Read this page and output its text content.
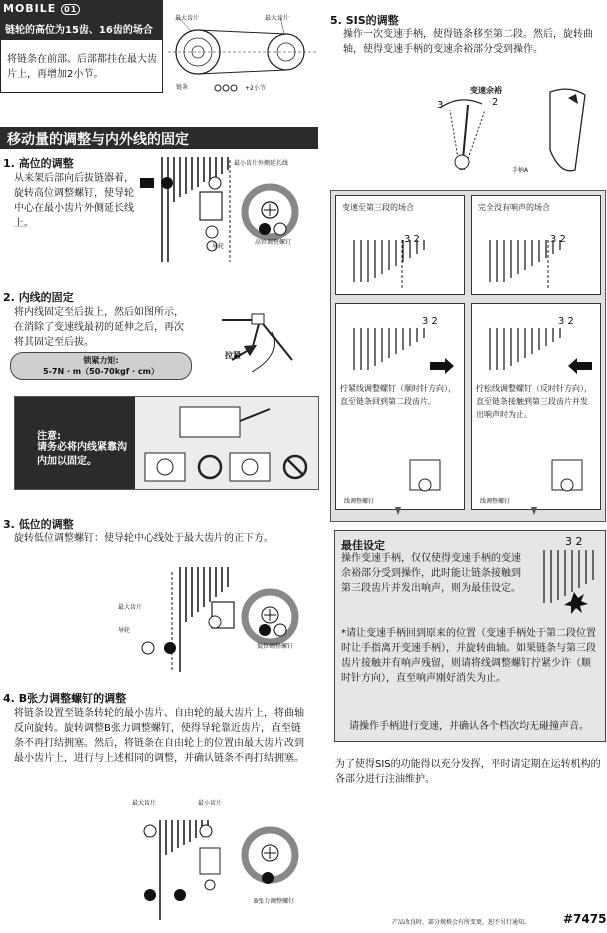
MOBILE 01
链轮的高位为15齿、16齿的场合
将链条在前部、后部都挂在最大齿片上，再增加2小节。
最大齿片	最大齿片
链条	+2小节
移动量的调整与内外线的固定
1. 高位的调整
从来架后部向后拔链器着，旋转高位调整螺钉，使导轮中心在最小齿片外侧延长线上。
最小齿片外侧延长线
导轮
高位调整螺钉
2. 内线的固定
将内线固定至后拔上，然后如图所示，在消除了变速线最初的延伸之后，再次将其固定至后拔。
锁紧力矩:
5-7N · m（50-70kgf · cm）
拉紧
注意:
请务必将内线紧靠沟内加以固定。
3. 低位的调整
旋转低位调整螺钉：使导轮中心线处于最大齿片的正下方。
最大齿片
导轮
低位调整螺钉
4. B张力调整螺钉的调整
将链条设置至链条转轮的最小齿片、自由轮的最大齿片上，将曲轴反向旋转。旋转调整B张力调整螺钉，使得导轮靠近齿片，直至链条不再打结拥塞。然后，将链条在自由轮上的位置由最大齿片改到最小齿片上，进行与上述相同的调整，并确认链条不再打结拥塞。
最大齿片	最小齿片
B张力调整螺钉
5. SIS的调整
操作一次变速手柄，使得链条移至第二段。然后，旋转曲轴，使得变速手柄的变速余裕部分受到操作。
变速余裕
3	2
手柄A
变速至第三段的场合
3 2
完全没有响声的场合
3 2
3 2
拧紧线调整螺钉（顺时针方向），直至链条回到第二段齿片。
线调整螺钉
3 2
拧松线调整螺钉（反时针方向），直至链条接触到第三段齿片并发出响声时为止。
线调整螺钉
最佳设定
操作变速手柄，仅仅使得变速手柄的变速余裕部分受到操作，此时能让链条接触到第三段齿片并发出响声，则为最佳设定。
3 2
*请让变速手柄回到原来的位置（变速手柄处于第二段位置时让手指离开变速手柄），并旋转曲轴。如果链条与第三段齿片接触并有响声残留，则请将线调整螺钉拧紧少许（顺时针方向），直至响声刚好消失为止。
请操作手柄进行变速，并确认各个档次均无碰撞声音。
为了使得SIS的功能得以充分发挥，平时请定期在运转机构的各部分进行注油维护。
产品改良时，部分规格会有所变更，恕不另行通知。	#7475
